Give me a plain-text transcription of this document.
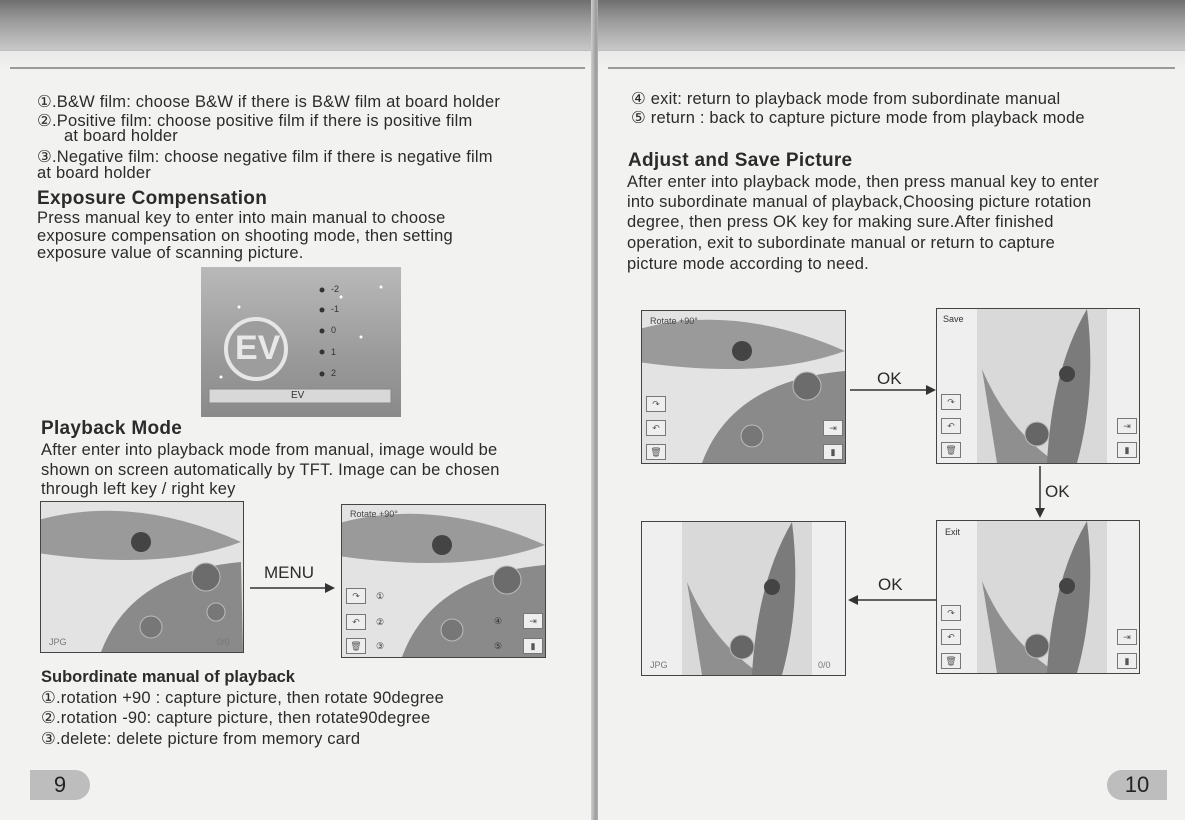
①.B&W film: choose B&W if there is B&W film at board holder
②.Positive film: choose positive film if there is positive film
at board holder
③.Negative film: choose negative film if there is negative film
at board holder
Exposure Compensation
Press manual key to enter into main manual to choose
exposure compensation on shooting mode, then setting
exposure value of scanning picture.
EV
EV
-2
-1
0
1
2
Playback Mode
After enter into playback mode from manual, image would be
shown on screen automatically by TFT. Image can be chosen
through left key / right key
JPG	0/0
MENU
Rotate +90°
↷
↶
🗑
⇥
▮
①
②
③
④
⑤
Subordinate manual of playback
①.rotation +90 : capture picture, then rotate 90degree
②.rotation -90: capture picture, then rotate90degree
③.delete: delete picture from memory card
9
④ exit: return to playback mode from subordinate manual
⑤ return : back to capture picture mode from playback mode
Adjust and Save Picture
After enter into playback mode, then press manual key to enter
into subordinate manual of playback,Choosing picture rotation
degree, then press OK key for making sure.After finished
operation, exit to subordinate manual or return to capture
picture mode according to need.
Rotate +90°
↷
↶
🗑
⇥
▮
OK
Save
↷
↶
🗑
⇥
▮
OK
Exit
↷
↶
🗑
⇥
▮
OK
JPG	0/0
10
